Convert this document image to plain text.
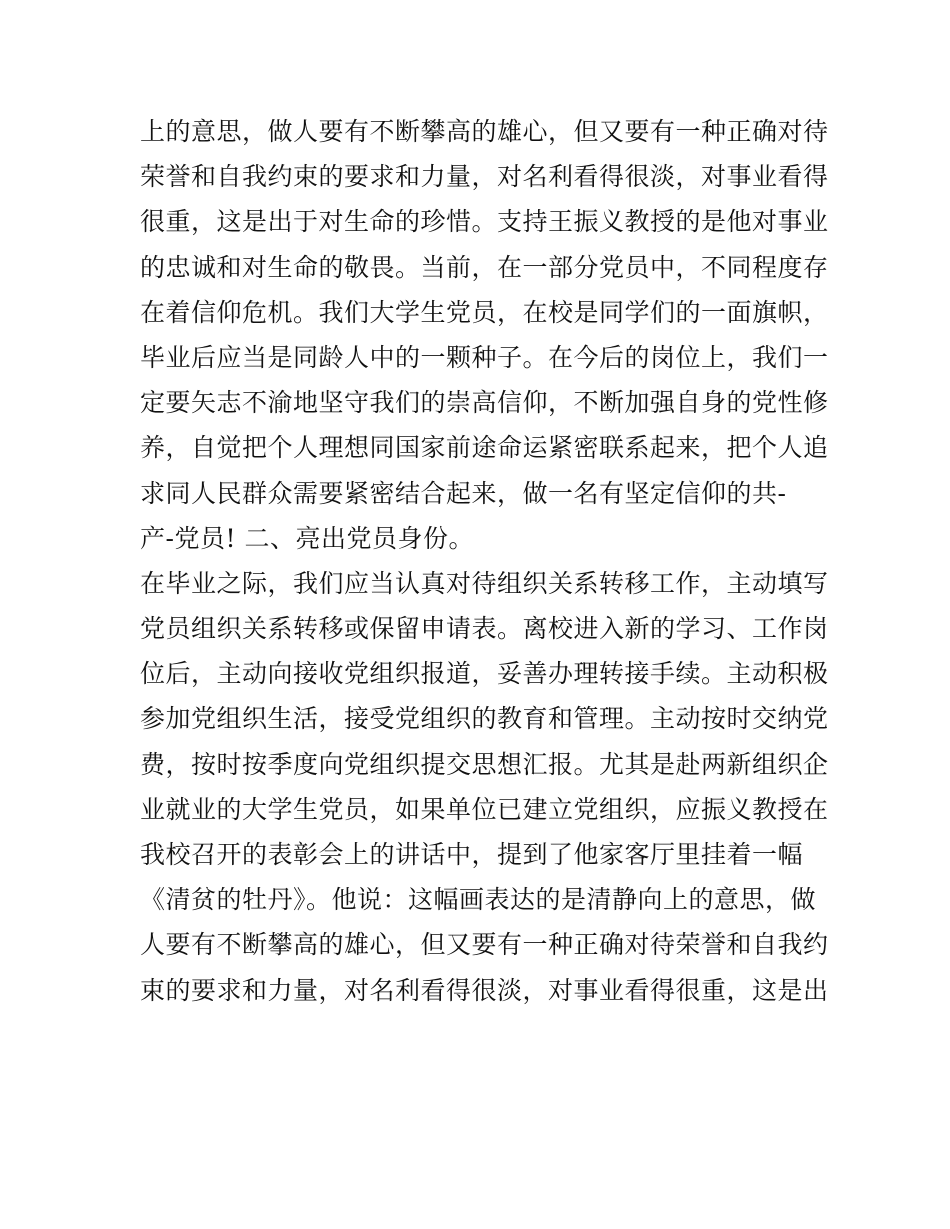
上的意思，做人要有不断攀高的雄心，但又要有一种正确对待
荣誉和自我约束的要求和力量，对名利看得很淡，对事业看得
很重，这是出于对生命的珍惜。支持王振义教授的是他对事业
的忠诚和对生命的敬畏。当前，在一部分党员中，不同程度存
在着信仰危机。我们大学生党员，在校是同学们的一面旗帜，
毕业后应当是同龄人中的一颗种子。在今后的岗位上，我们一
定要矢志不渝地坚守我们的崇高信仰，不断加强自身的党性修
养，自觉把个人理想同国家前途命运紧密联系起来，把个人追
求同人民群众需要紧密结合起来，做一名有坚定信仰的共-
产-党员! 二、亮出党员身份。
在毕业之际，我们应当认真对待组织关系转移工作，主动填写
党员组织关系转移或保留申请表。离校进入新的学习、工作岗
位后，主动向接收党组织报道，妥善办理转接手续。主动积极
参加党组织生活，接受党组织的教育和管理。主动按时交纳党
费，按时按季度向党组织提交思想汇报。尤其是赴两新组织企
业就业的大学生党员，如果单位已建立党组织，应振义教授在
我校召开的表彰会上的讲话中，提到了他家客厅里挂着一幅
《清贫的牡丹》。他说：这幅画表达的是清静向上的意思，做
人要有不断攀高的雄心，但又要有一种正确对待荣誉和自我约
束的要求和力量，对名利看得很淡，对事业看得很重，这是出
